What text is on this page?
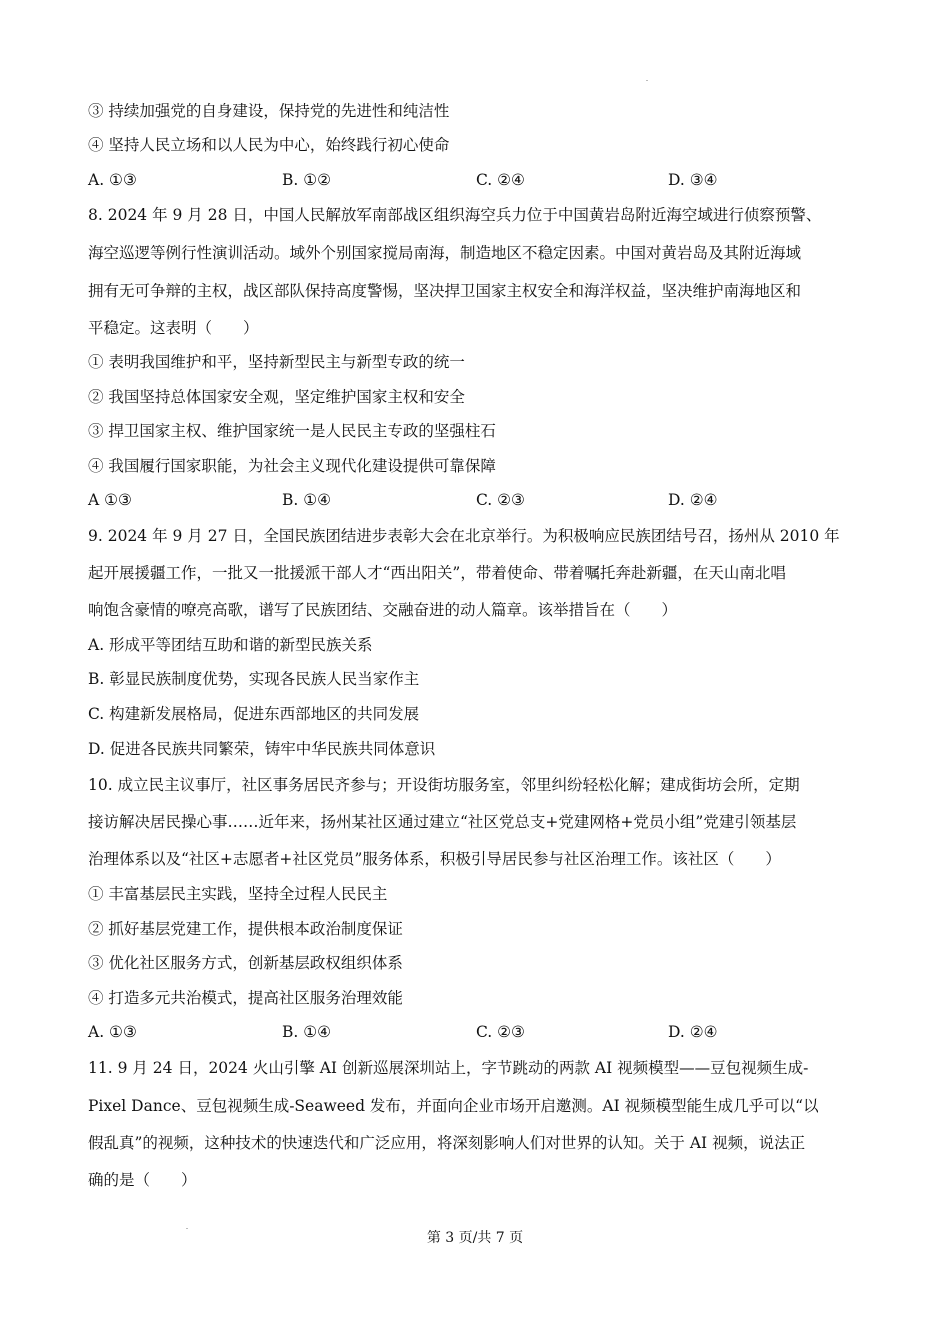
③ 持续加强党的自身建设，保持党的先进性和纯洁性
④ 坚持人民立场和以人民为中心，始终践行初心使命
A. ①③	B. ①②	C. ②④	D. ③④
8. 2024 年 9 月 28 日，中国人民解放军南部战区组织海空兵力位于中国黄岩岛附近海空域进行侦察预警、
海空巡逻等例行性演训活动。域外个别国家搅局南海，制造地区不稳定因素。中国对黄岩岛及其附近海域
拥有无可争辩的主权，战区部队保持高度警惕，坚决捍卫国家主权安全和海洋权益，坚决维护南海地区和
平稳定。这表明（　　）
① 表明我国维护和平，坚持新型民主与新型专政的统一
② 我国坚持总体国家安全观，坚定维护国家主权和安全
③ 捍卫国家主权、维护国家统一是人民民主专政的坚强柱石
④ 我国履行国家职能，为社会主义现代化建设提供可靠保障
A ①③	B. ①④	C. ②③	D. ②④
9. 2024 年 9 月 27 日，全国民族团结进步表彰大会在北京举行。为积极响应民族团结号召，扬州从 2010 年
起开展援疆工作，一批又一批援派干部人才“西出阳关”，带着使命、带着嘱托奔赴新疆，在天山南北唱
响饱含豪情的嘹亮高歌，谱写了民族团结、交融奋进的动人篇章。该举措旨在（　　）
A. 形成平等团结互助和谐的新型民族关系
B. 彰显民族制度优势，实现各民族人民当家作主
C. 构建新发展格局，促进东西部地区的共同发展
D. 促进各民族共同繁荣，铸牢中华民族共同体意识
10. 成立民主议事厅，社区事务居民齐参与；开设街坊服务室，邻里纠纷轻松化解；建成街坊会所，定期
接访解决居民操心事……近年来，扬州某社区通过建立“社区党总支+党建网格+党员小组”党建引领基层
治理体系以及“社区+志愿者+社区党员”服务体系，积极引导居民参与社区治理工作。该社区（　　）
① 丰富基层民主实践，坚持全过程人民民主
② 抓好基层党建工作，提供根本政治制度保证
③ 优化社区服务方式，创新基层政权组织体系
④ 打造多元共治模式，提高社区服务治理效能
A. ①③	B. ①④	C. ②③	D. ②④
11. 9 月 24 日，2024 火山引擎 AI 创新巡展深圳站上，字节跳动的两款 AI 视频模型——豆包视频生成-
Pixel Dance、豆包视频生成-Seaweed 发布，并面向企业市场开启邀测。AI 视频模型能生成几乎可以“以
假乱真”的视频，这种技术的快速迭代和广泛应用，将深刻影响人们对世界的认知。关于 AI 视频，说法正
确的是（　　）
第 3 页/共 7 页
